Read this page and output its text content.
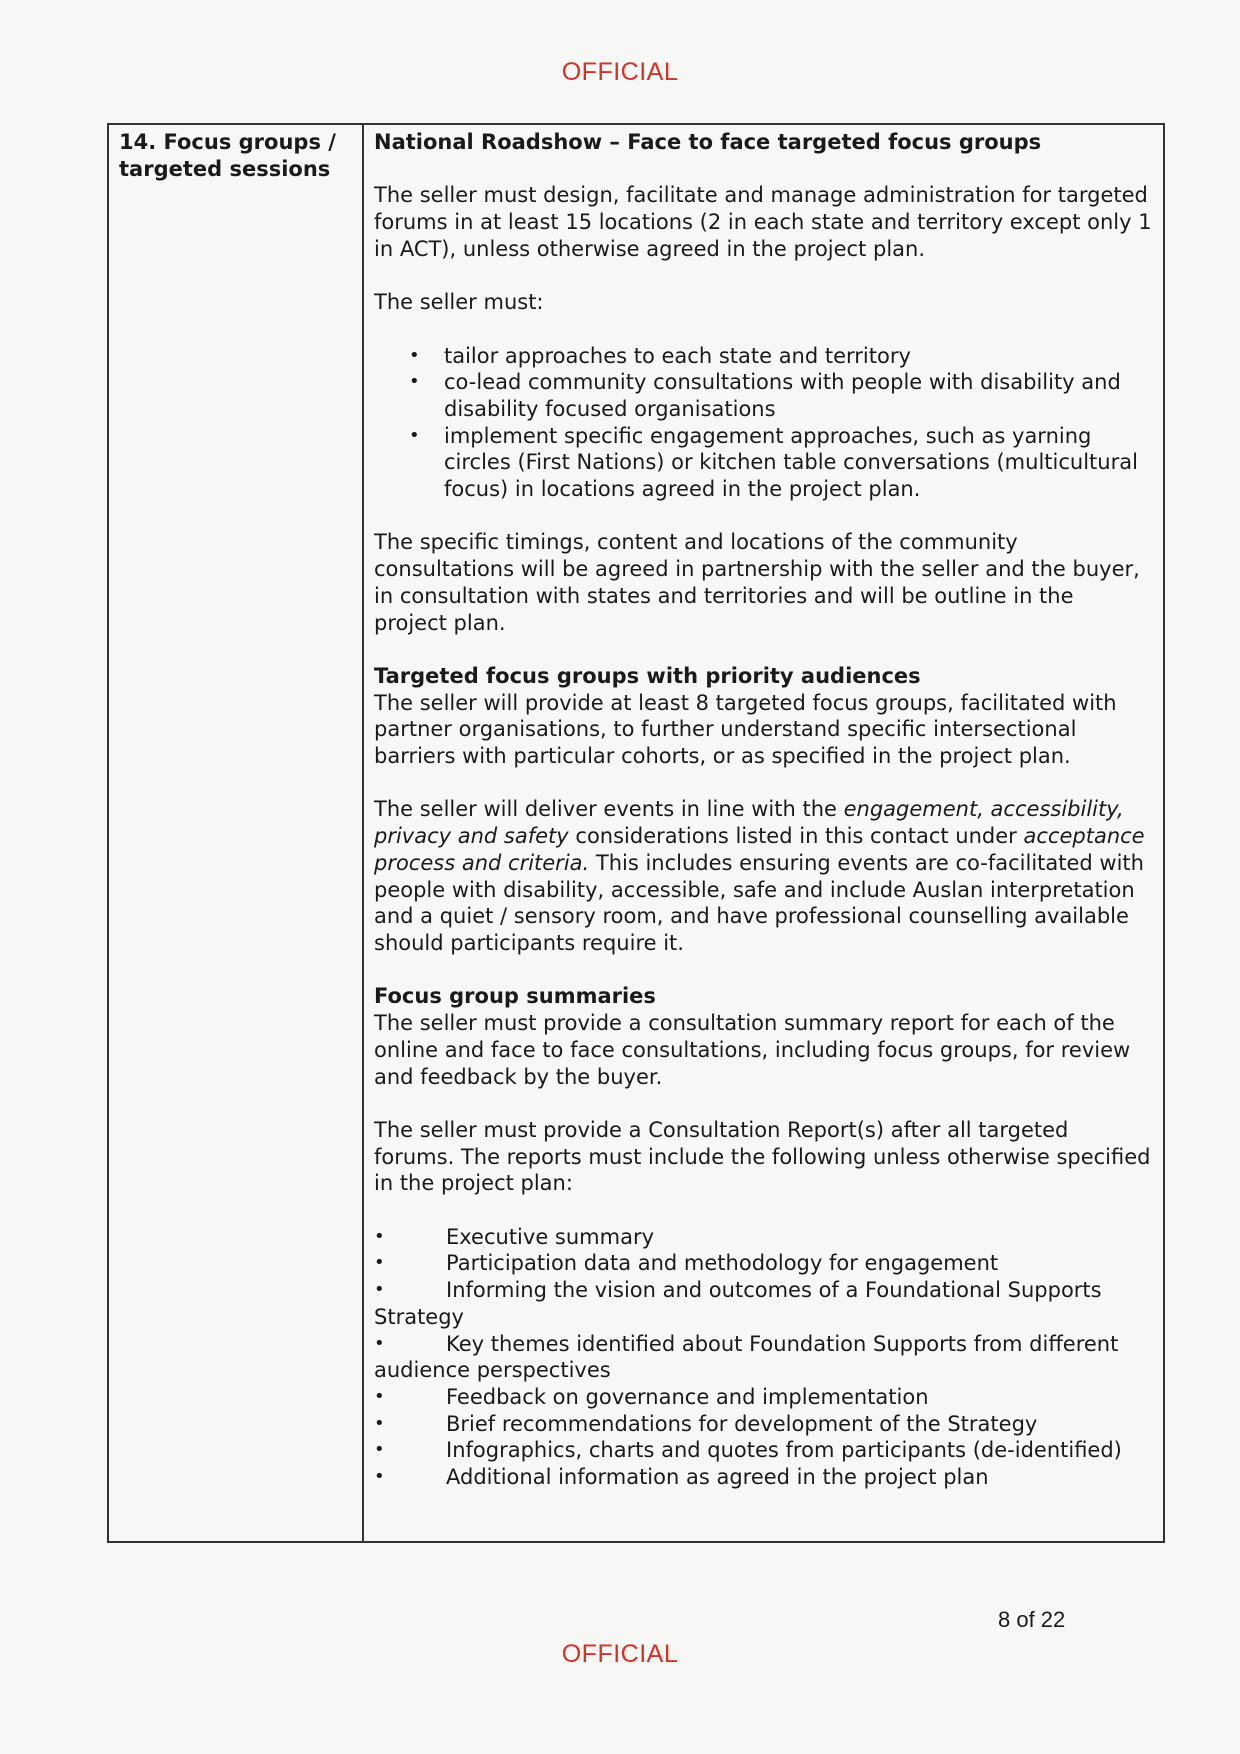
OFFICIAL

14. Focus groups / targeted sessions

National Roadshow – Face to face targeted focus groups

The seller must design, facilitate and manage administration for targeted forums in at least 15 locations (2 in each state and territory except only 1 in ACT), unless otherwise agreed in the project plan.

The seller must:

• tailor approaches to each state and territory
• co-lead community consultations with people with disability and disability focused organisations
• implement specific engagement approaches, such as yarning circles (First Nations) or kitchen table conversations (multicultural focus) in locations agreed in the project plan.

The specific timings, content and locations of the community consultations will be agreed in partnership with the seller and the buyer, in consultation with states and territories and will be outline in the project plan.

Targeted focus groups with priority audiences

The seller will provide at least 8 targeted focus groups, facilitated with partner organisations, to further understand specific intersectional barriers with particular cohorts, or as specified in the project plan.

The seller will deliver events in line with the engagement, accessibility, privacy and safety considerations listed in this contact under acceptance process and criteria. This includes ensuring events are co-facilitated with people with disability, accessible, safe and include Auslan interpretation and a quiet / sensory room, and have professional counselling available should participants require it.

Focus group summaries

The seller must provide a consultation summary report for each of the online and face to face consultations, including focus groups, for review and feedback by the buyer.

The seller must provide a Consultation Report(s) after all targeted forums. The reports must include the following unless otherwise specified in the project plan:

• Executive summary
• Participation data and methodology for engagement
• Informing the vision and outcomes of a Foundational Supports Strategy
• Key themes identified about Foundation Supports from different audience perspectives
• Feedback on governance and implementation
• Brief recommendations for development of the Strategy
• Infographics, charts and quotes from participants (de-identified)
• Additional information as agreed in the project plan
8 of 22
OFFICIAL
